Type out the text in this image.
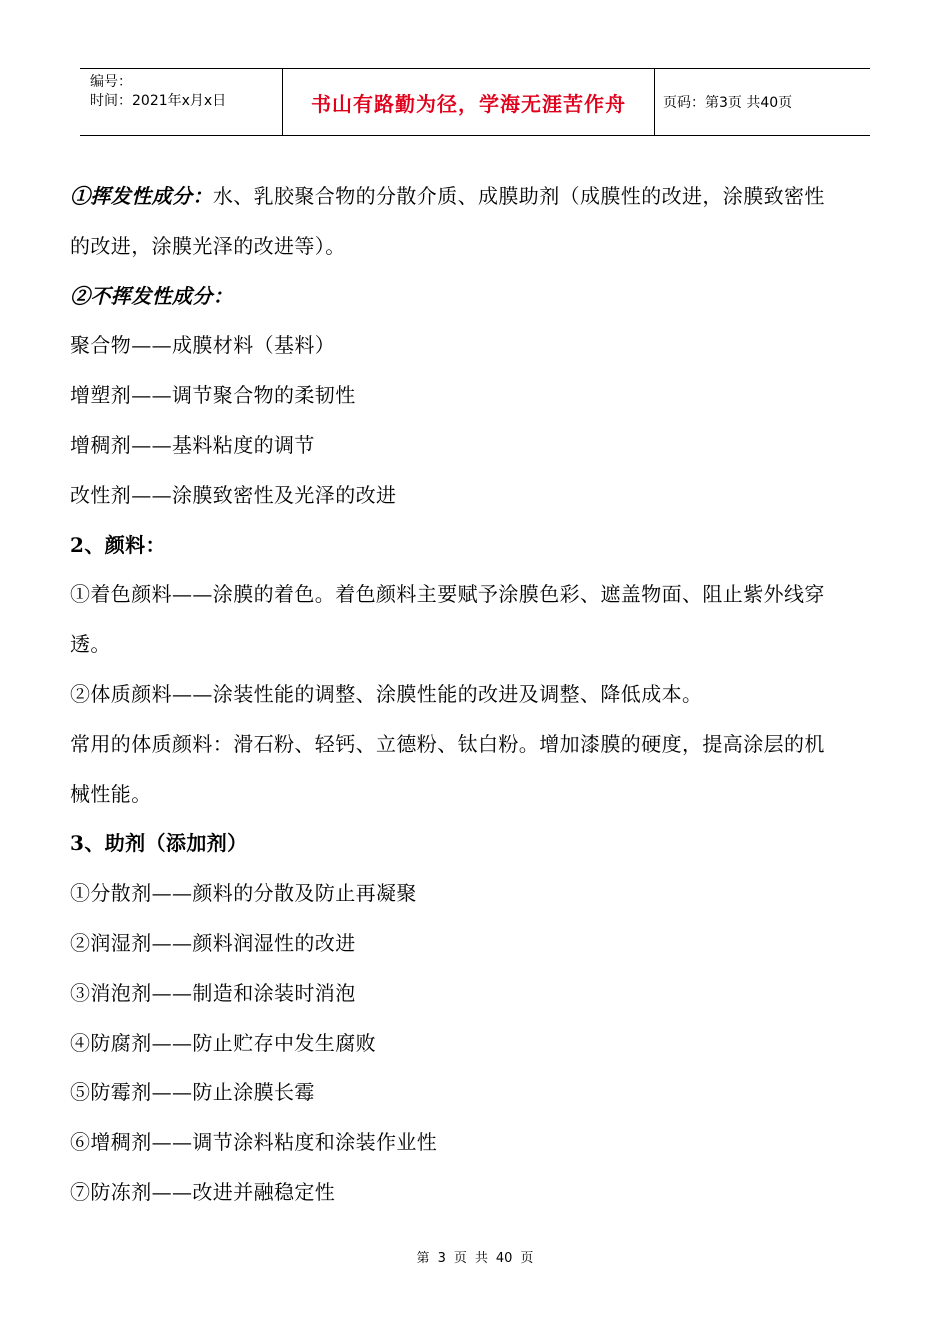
编号：
时间：2021年x月x日	书山有路勤为径，学海无涯苦作舟	页码：第3页 共40页
①挥发性成分：水、乳胶聚合物的分散介质、成膜助剂（成膜性的改进，涂膜致密性
的改进，涂膜光泽的改进等）。
②不挥发性成分：
聚合物——成膜材料（基料）
增塑剂——调节聚合物的柔韧性
增稠剂——基料粘度的调节
改性剂——涂膜致密性及光泽的改进
2、颜料：
①着色颜料——涂膜的着色。着色颜料主要赋予涂膜色彩、遮盖物面、阻止紫外线穿
透。
②体质颜料——涂装性能的调整、涂膜性能的改进及调整、降低成本。
常用的体质颜料：滑石粉、轻钙、立德粉、钛白粉。增加漆膜的硬度，提高涂层的机
械性能。
3、助剂（添加剂）
①分散剂——颜料的分散及防止再凝聚
②润湿剂——颜料润湿性的改进
③消泡剂——制造和涂装时消泡
④防腐剂——防止贮存中发生腐败
⑤防霉剂——防止涂膜长霉
⑥增稠剂——调节涂料粘度和涂装作业性
⑦防冻剂——改进并融稳定性
第 3 页 共 40 页
